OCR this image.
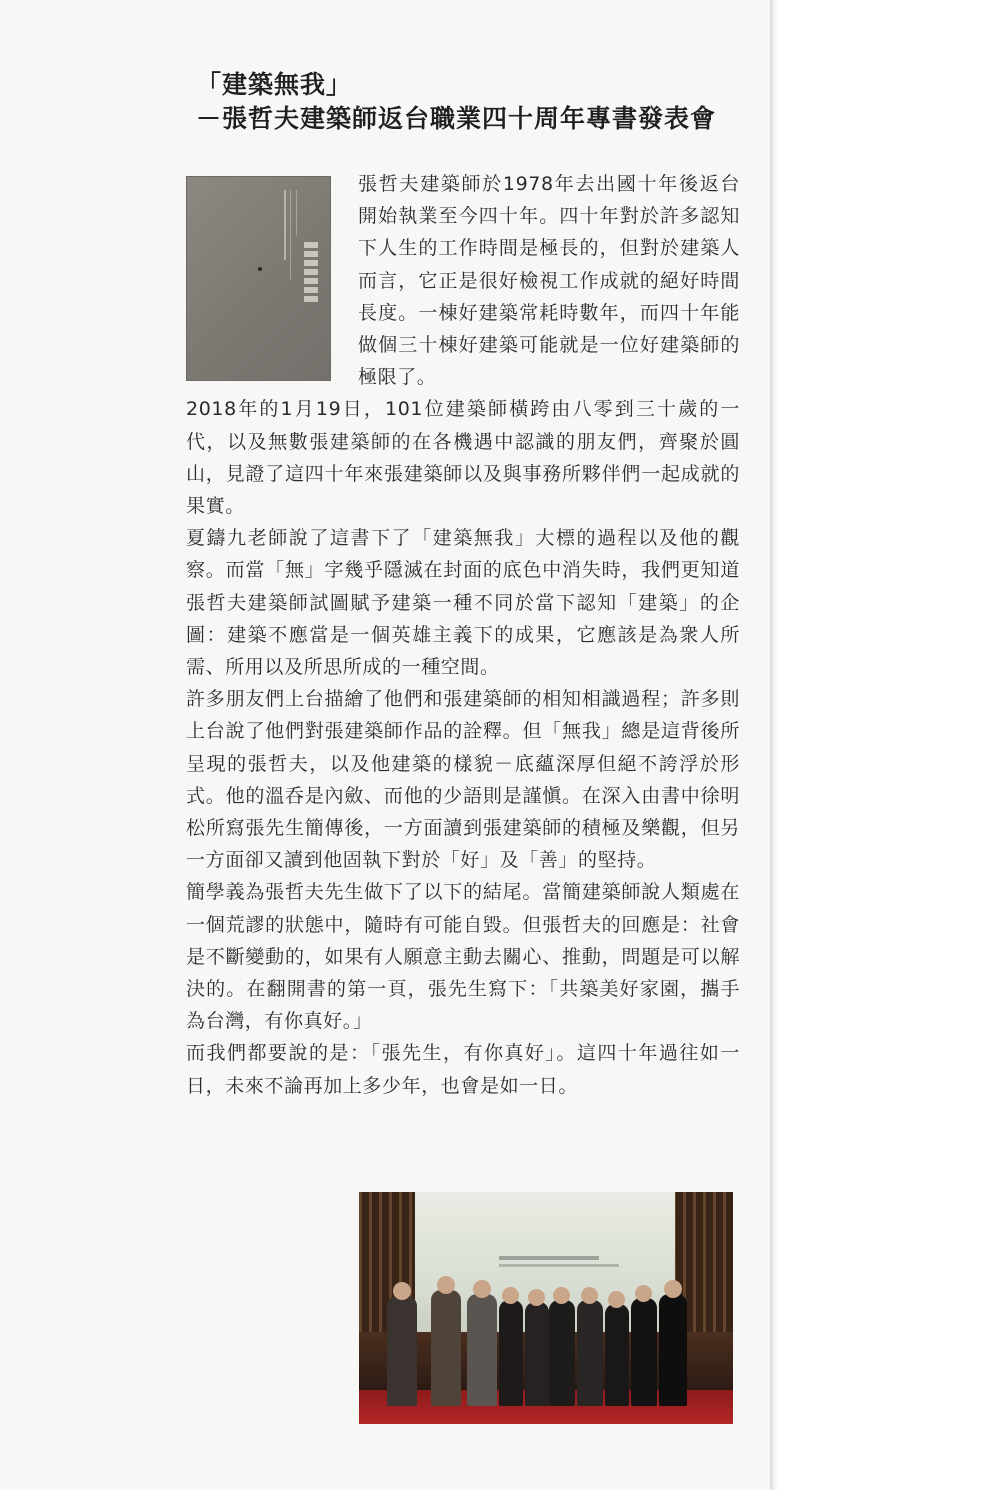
「建築無我」
－張哲夫建築師返台職業四十周年專書發表會

張哲夫建築師於1978年去出國十年後返台開始執業至今四十年。四十年對於許多認知下人生的工作時間是極長的，但對於建築人而言，它正是很好檢視工作成就的絕好時間長度。一棟好建築常耗時數年，而四十年能做個三十棟好建築可能就是一位好建築師的極限了。

2018年的1月19日，101位建築師橫跨由八零到三十歲的一代，以及無數張建築師的在各機遇中認識的朋友們，齊聚於圓山，見證了這四十年來張建築師以及與事務所夥伴們一起成就的果實。

夏鑄九老師說了這書下了「建築無我」大標的過程以及他的觀察。而當「無」字幾乎隱滅在封面的底色中消失時，我們更知道張哲夫建築師試圖賦予建築一種不同於當下認知「建築」的企圖：建築不應當是一個英雄主義下的成果，它應該是為衆人所需、所用以及所思所成的一種空間。

許多朋友們上台描繪了他們和張建築師的相知相識過程；許多則上台說了他們對張建築師作品的詮釋。但「無我」總是這背後所呈現的張哲夫，以及他建築的樣貌－底蘊深厚但絕不誇浮於形式。他的溫呑是內斂、而他的少語則是謹愼。在深入由書中徐明松所寫張先生簡傳後，一方面讀到張建築師的積極及樂觀，但另一方面卻又讀到他固執下對於「好」及「善」的堅持。

簡學義為張哲夫先生做下了以下的結尾。當簡建築師說人類處在一個荒謬的狀態中，隨時有可能自毀。但張哲夫的回應是：社會是不斷變動的，如果有人願意主動去關心、推動，問題是可以解決的。在翻開書的第一頁，張先生寫下：「共築美好家園，攜手為台灣，有你真好。」

而我們都要說的是：「張先生，有你真好」。這四十年過往如一日，未來不論再加上多少年，也會是如一日。
